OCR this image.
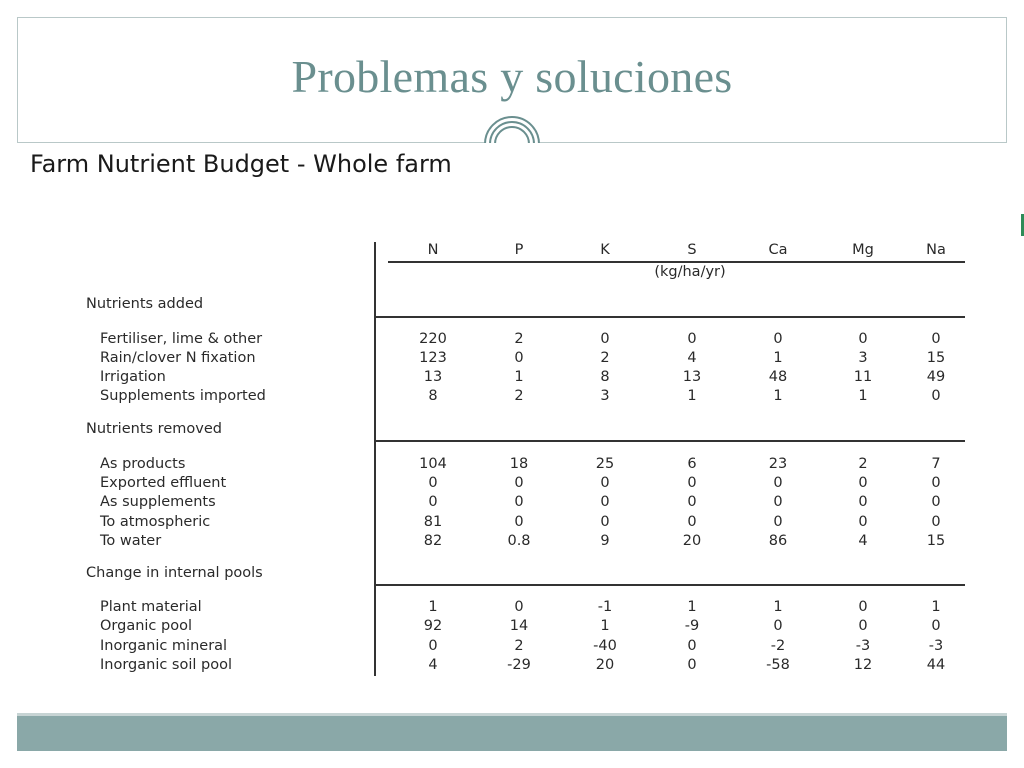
Problemas y soluciones
Farm Nutrient Budget - Whole farm
N	P	K	S	Ca	Mg	Na
(kg/ha/yr)
Nutrients added
Fertiliser, lime & other	220	2	0	0	0	0	0
Rain/clover N fixation	123	0	2	4	1	3	15
Irrigation	13	1	8	13	48	11	49
Supplements imported	8	2	3	1	1	1	0
Nutrients removed
As products	104	18	25	6	23	2	7
Exported effluent	0	0	0	0	0	0	0
As supplements	0	0	0	0	0	0	0
To atmospheric	81	0	0	0	0	0	0
To water	82	0.8	9	20	86	4	15
Change in internal pools
Plant material	1	0	-1	1	1	0	1
Organic pool	92	14	1	-9	0	0	0
Inorganic mineral	0	2	-40	0	-2	-3	-3
Inorganic soil pool	4	-29	20	0	-58	12	44
